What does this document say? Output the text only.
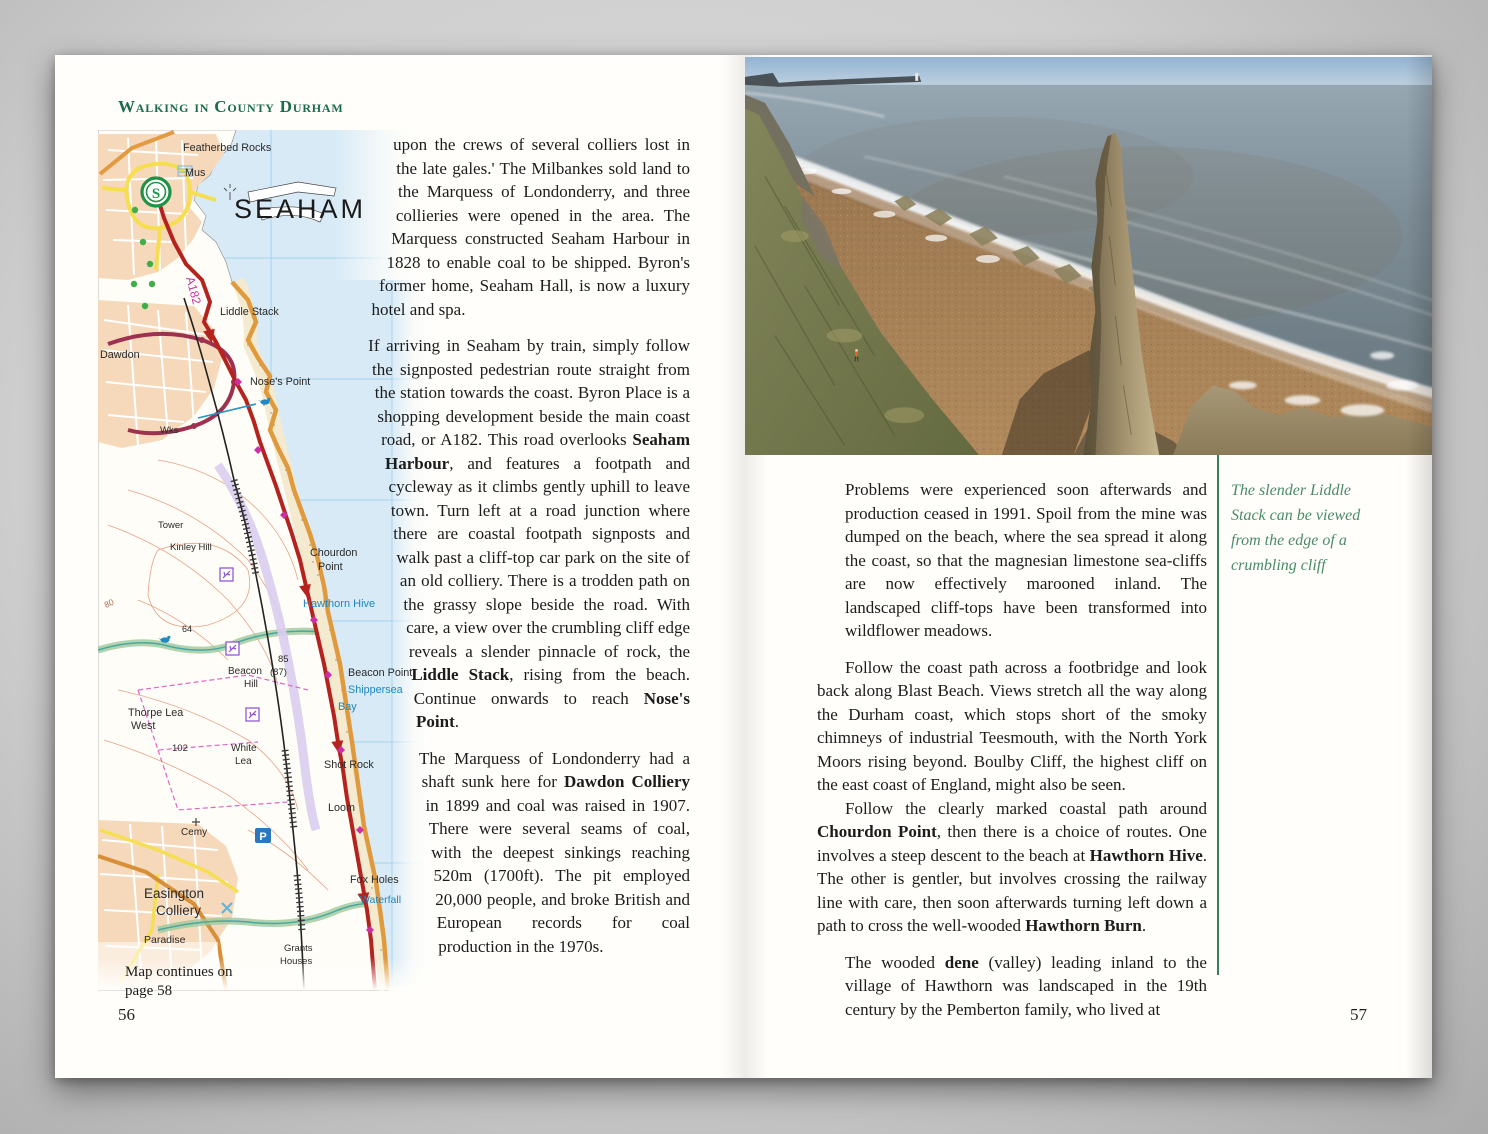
Walking in County Durham
Featherbed Rocks
Mus
SEAHAM
A182
Liddle Stack
Dawdon
Nose's Point
Wks
Tower
Kinley Hill	Chourdon
Point
Hawthorn Hive
80
64
85
(87)
Beacon
Hill
Beacon Point
Shippersea
Bay
Thorpe Lea
West
102	White
Lea	Shot Rock
Loom
Cemy	P
S
Fox Holes
Waterfall
Easington
Colliery
Paradise
Grants
Houses

upon the crews of several colliers lost in the late gales.' The Milbankes sold land to the Marquess of Londonderry, and three collieries were opened in the area. The Marquess constructed Seaham Harbour in 1828 to enable coal to be shipped. Byron's former home, Seaham Hall, is now a luxury hotel and spa.

If arriving in Seaham by train, simply follow the signposted pedestrian route straight from the station towards the coast. Byron Place is a shopping development beside the main coast road, or A182. This road overlooks Seaham Harbour, and features a footpath and cycleway as it climbs gently uphill to leave town. Turn left at a road junction where there are coastal footpath signposts and walk past a cliff-top car park on the site of an old colliery. There is a trodden path on the grassy slope beside the road. With care, a view over the crumbling cliff edge reveals a slender pinnacle of rock, the Liddle Stack, rising from the beach. Continue onwards to reach Nose's Point.

The Marquess of Londonderry had a shaft sunk here for Dawdon Colliery in 1899 and coal was raised in 1907. There were several seams of coal, with the deepest sinkings reaching 520m (1700ft). The pit employed 20,000 people, and broke British and European records for coal production in the 1970s.

Map continues on page 58
56
The slender Liddle Stack can be viewed from the edge of a crumbling cliff

Problems were experienced soon afterwards and production ceased in 1991. Spoil from the mine was dumped on the beach, where the sea spread it along the coast, so that the magnesian limestone sea-cliffs are now effectively marooned inland. The landscaped cliff-tops have been transformed into wildflower meadows.

Follow the coast path across a footbridge and look back along Blast Beach. Views stretch all the way along the Durham coast, which stops short of the smoky chimneys of industrial Teesmouth, with the North York Moors rising beyond. Boulby Cliff, the highest cliff on the east coast of England, might also be seen.

Follow the clearly marked coastal path around Chourdon Point, then there is a choice of routes. One involves a steep descent to the beach at Hawthorn Hive. The other is gentler, but involves crossing the railway line with care, then soon afterwards turning left down a path to cross the well-wooded Hawthorn Burn.

The wooded dene (valley) leading inland to the village of Hawthorn was landscaped in the 19th century by the Pemberton family, who lived at	57
